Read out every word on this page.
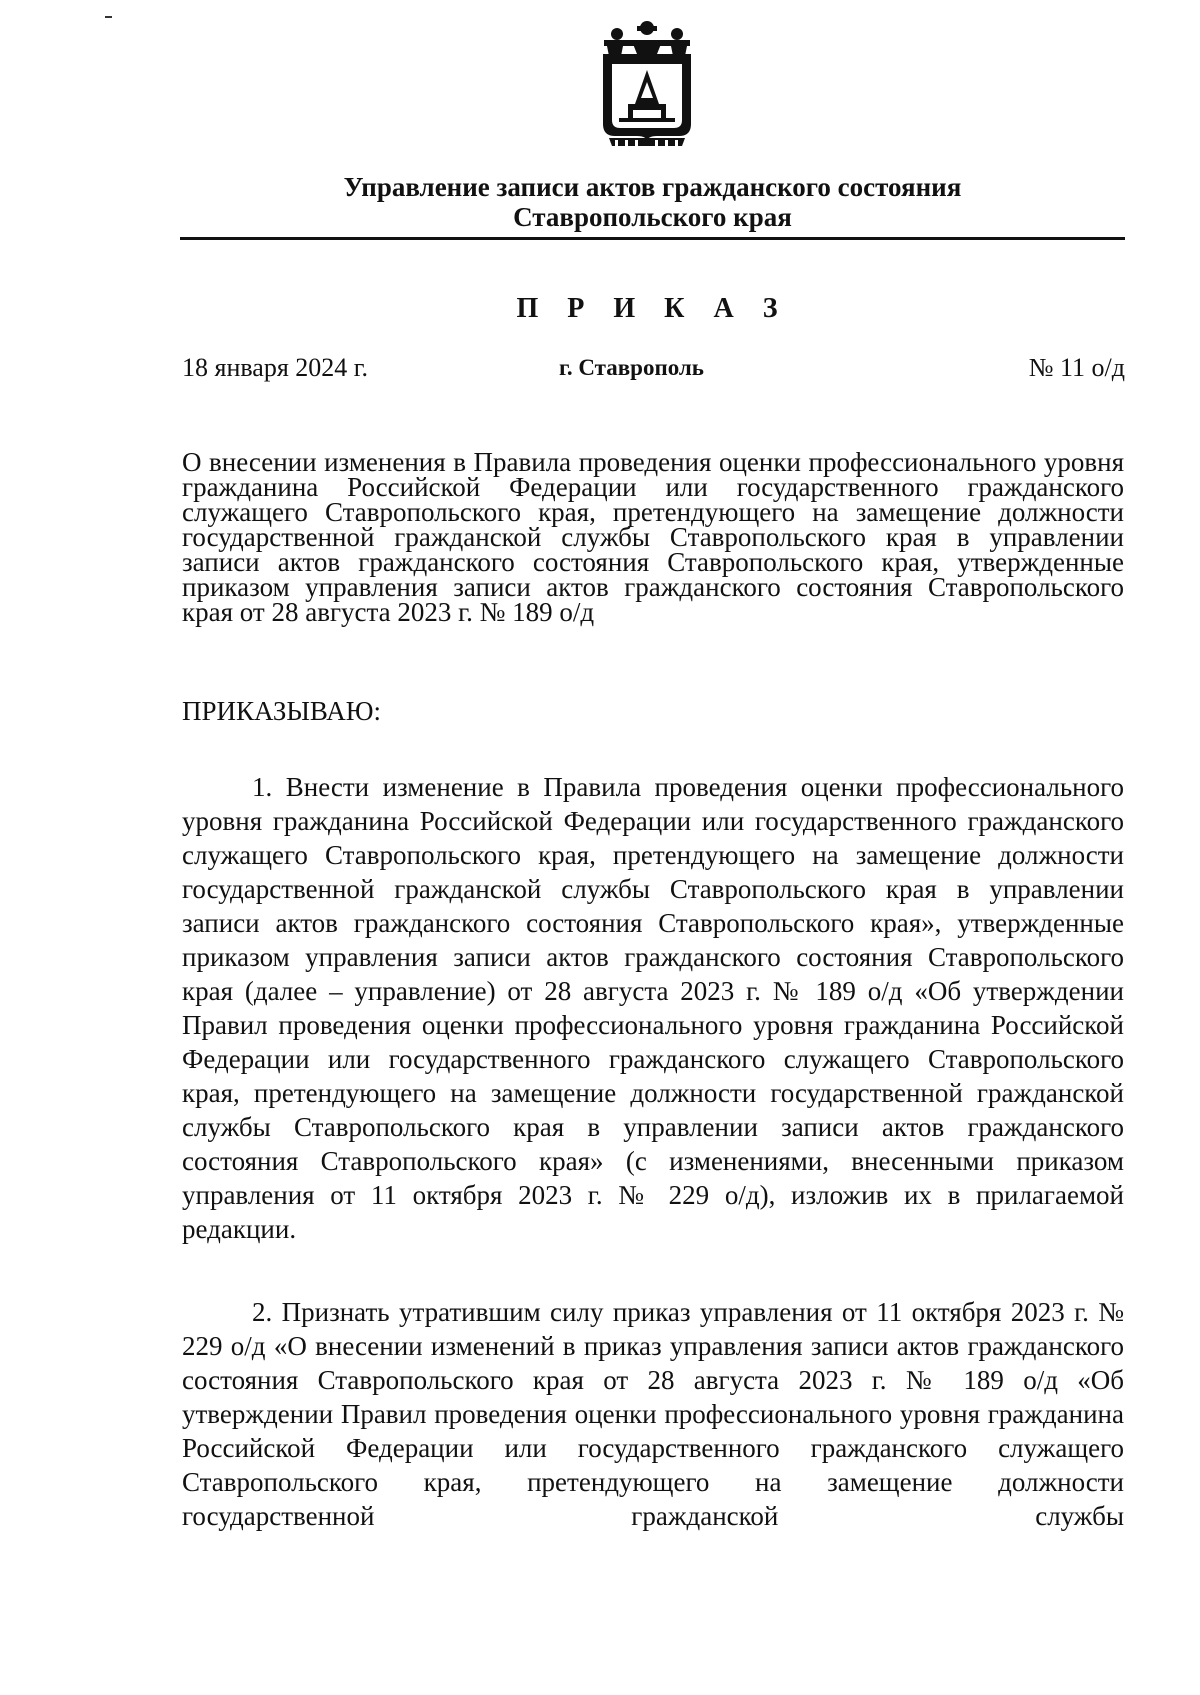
Управление записи актов гражданского состояния
Ставропольского края
П Р И К А З
18 января 2024 г.	г. Ставрополь	№ 11 о/д
О внесении изменения в Правила проведения оценки профессионального уровня гражданина Российской Федерации или государственного гражданского служащего Ставропольского края, претендующего на замещение должности государственной гражданской службы Ставропольского края в управлении записи актов гражданского состояния Ставропольского края, утвержденные приказом управления записи актов гражданского состояния Ставропольского края от 28 августа 2023 г. № 189 о/д
ПРИКАЗЫВАЮ:

1. Внести изменение в Правила проведения оценки профессионального уровня гражданина Российской Федерации или государственного гражданского служащего Ставропольского края, претендующего на замещение должности государственной гражданской службы Ставропольского края в управлении записи актов гражданского состояния Ставропольского края», утвержденные приказом управления записи актов гражданского состояния Ставропольского края (далее – управление) от 28 августа 2023 г. № 189 о/д «Об утверждении Правил проведения оценки профессионального уровня гражданина Российской Федерации или государственного гражданского служащего Ставропольского края, претендующего на замещение должности государственной гражданской службы Ставропольского края в управлении записи актов гражданского состояния Ставропольского края» (с изменениями, внесенными приказом управления от 11 октября 2023 г. № 229 о/д), изложив их в прилагаемой редакции.

2. Признать утратившим силу приказ управления от 11 октября 2023 г. № 229 о/д «О внесении изменений в приказ управления записи актов гражданского состояния Ставропольского края от 28 августа 2023 г. № 189 о/д «Об утверждении Правил проведения оценки профессионального уровня гражданина Российской Федерации или государственного гражданского служащего Ставропольского края, претендующего на замещение должности государственной гражданской службы
